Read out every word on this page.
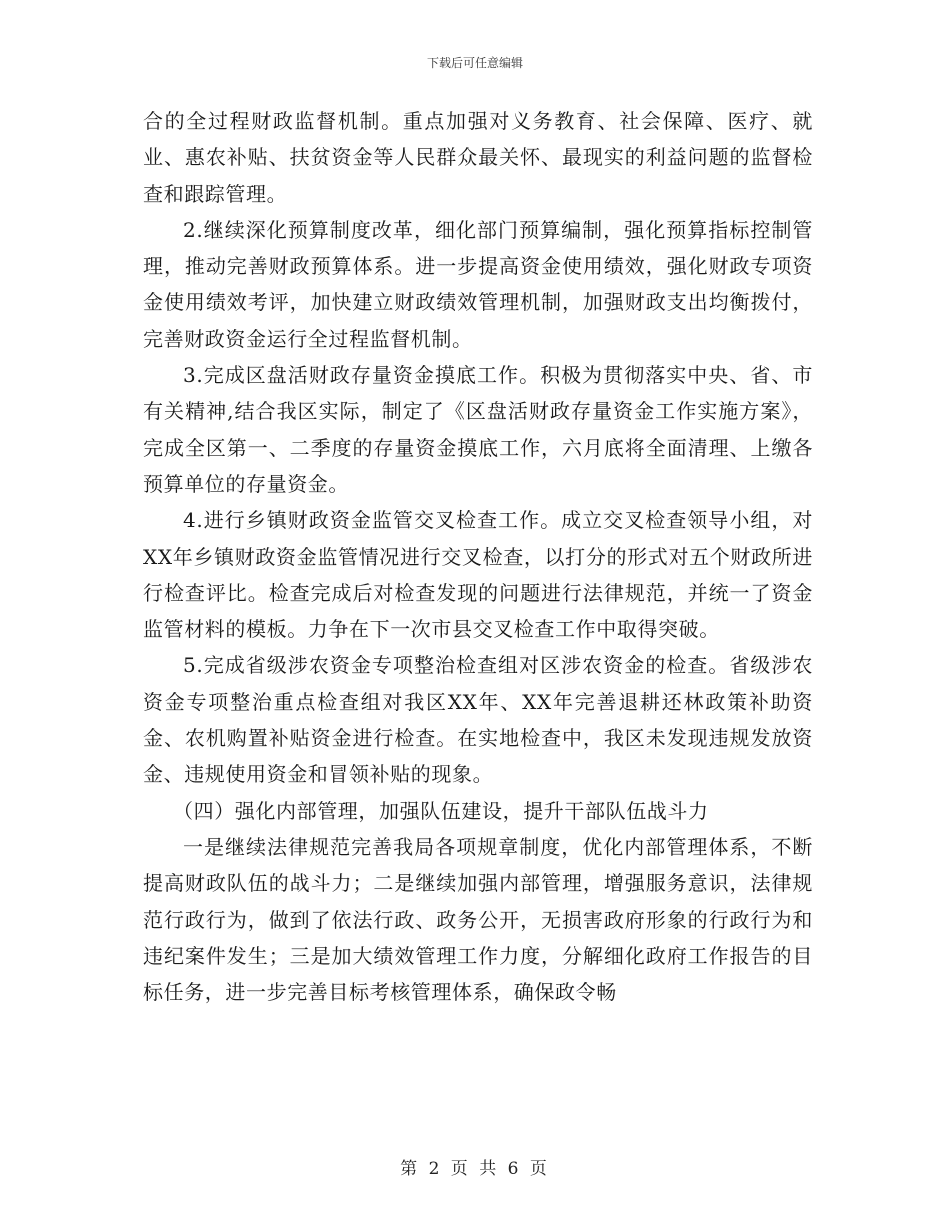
下载后可任意编辑

合的全过程财政监督机制。重点加强对义务教育、社会保障、医疗、就业、惠农补贴、扶贫资金等人民群众最关怀、最现实的利益问题的监督检查和跟踪管理。

2.继续深化预算制度改革，细化部门预算编制，强化预算指标控制管理，推动完善财政预算体系。进一步提高资金使用绩效，强化财政专项资金使用绩效考评，加快建立财政绩效管理机制，加强财政支出均衡拨付，完善财政资金运行全过程监督机制。

3.完成区盘活财政存量资金摸底工作。积极为贯彻落实中央、省、市有关精神,结合我区实际，制定了《区盘活财政存量资金工作实施方案》，完成全区第一、二季度的存量资金摸底工作，六月底将全面清理、上缴各预算单位的存量资金。

4.进行乡镇财政资金监管交叉检查工作。成立交叉检查领导小组，对XX年乡镇财政资金监管情况进行交叉检查，以打分的形式对五个财政所进行检查评比。检查完成后对检查发现的问题进行法律规范，并统一了资金监管材料的模板。力争在下一次市县交叉检查工作中取得突破。

5.完成省级涉农资金专项整治检查组对区涉农资金的检查。省级涉农资金专项整治重点检查组对我区XX年、XX年完善退耕还林政策补助资金、农机购置补贴资金进行检查。在实地检查中，我区未发现违规发放资金、违规使用资金和冒领补贴的现象。

（四）强化内部管理，加强队伍建设，提升干部队伍战斗力

一是继续法律规范完善我局各项规章制度，优化内部管理体系，不断提高财政队伍的战斗力；二是继续加强内部管理，增强服务意识，法律规范行政行为，做到了依法行政、政务公开，无损害政府形象的行政行为和违纪案件发生；三是加大绩效管理工作力度，分解细化政府工作报告的目标任务，进一步完善目标考核管理体系，确保政令畅

第 2 页 共 6 页
